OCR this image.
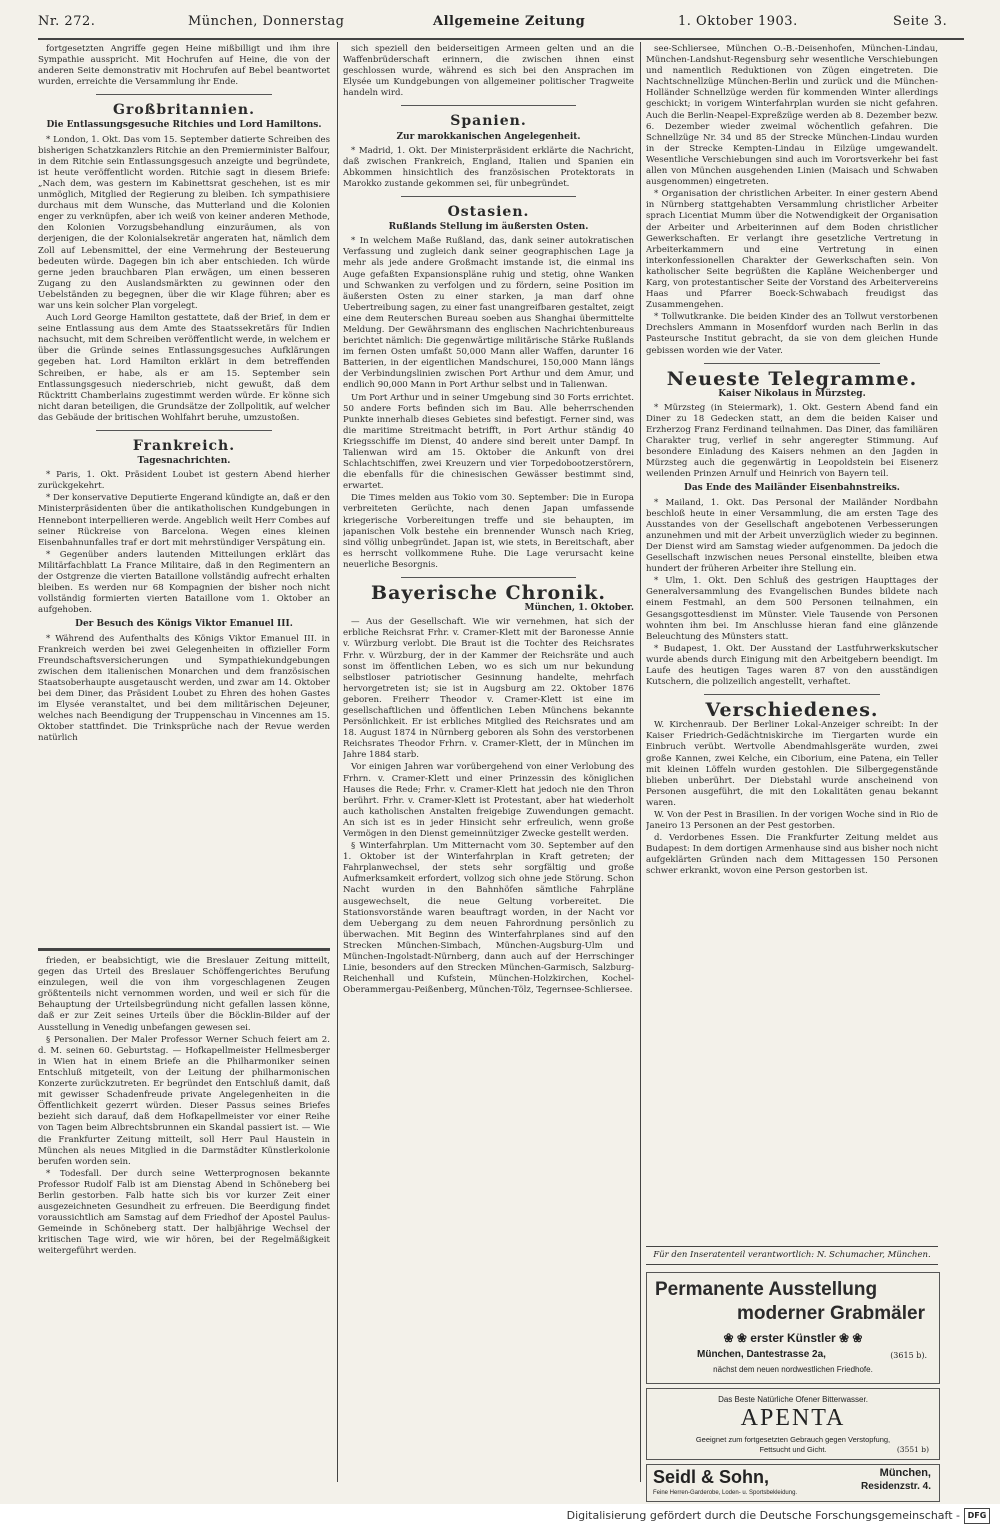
Nr. 272.	München, Donnerstag	Allgemeine Zeitung	1. Oktober 1903.	Seite 3.

fortgesetzten Angriffe gegen Heine mißbilligt und ihm ihre Sympathie ausspricht. Mit Hochrufen auf Heine, die von der anderen Seite demonstrativ mit Hochrufen auf Bebel beantwortet wurden, erreichte die Versammlung ihr Ende.

Großbritannien.
Die Entlassungsgesuche Ritchies und Lord Hamiltons.

* London, 1. Okt. Das vom 15. September datierte Schreiben des bisherigen Schatzkanzlers Ritchie an den Premierminister Balfour, in dem Ritchie sein Entlassungsgesuch anzeigte und begründete, ist heute veröffentlicht worden. Ritchie sagt in diesem Briefe: „Nach dem, was gestern im Kabinettsrat geschehen, ist es mir unmöglich, Mitglied der Regierung zu bleiben. Ich sympathisiere durchaus mit dem Wunsche, das Mutterland und die Kolonien enger zu verknüpfen, aber ich weiß von keiner anderen Methode, den Kolonien Vorzugsbehandlung einzuräumen, als von derjenigen, die der Kolonialsekretär angeraten hat, nämlich dem Zoll auf Lebensmittel, der eine Vermehrung der Besteuerung bedeuten würde. Dagegen bin ich aber entschieden. Ich würde gerne jeden brauchbaren Plan erwägen, um einen besseren Zugang zu den Auslandsmärkten zu gewinnen oder den Uebelständen zu begegnen, über die wir Klage führen; aber es war uns kein solcher Plan vorgelegt.

Auch Lord George Hamilton gestattete, daß der Brief, in dem er seine Entlassung aus dem Amte des Staatssekretärs für Indien nachsucht, mit dem Schreiben veröffentlicht werde, in welchem er über die Gründe seines Entlassungsgesuches Aufklärungen gegeben hat. Lord Hamilton erklärt in dem betreffenden Schreiben, er habe, als er am 15. September sein Entlassungsgesuch niederschrieb, nicht gewußt, daß dem Rücktritt Chamberlains zugestimmt werden würde. Er könne sich nicht daran beteiligen, die Grundsätze der Zollpolitik, auf welcher das Gebäude der britischen Wohlfahrt beruhe, umzustoßen.

Frankreich.
Tagesnachrichten.

* Paris, 1. Okt. Präsident Loubet ist gestern Abend hierher zurückgekehrt.

* Der konservative Deputierte Engerand kündigte an, daß er den Ministerpräsidenten über die antikatholischen Kundgebungen in Hennebont interpellieren werde. Angeblich weilt Herr Combes auf seiner Rückreise von Barcelona. Wegen eines kleinen Eisenbahnunfalles traf er dort mit mehrstündiger Verspätung ein.

* Gegenüber anders lautenden Mitteilungen erklärt das Militärfachblatt La France Militaire, daß in den Regimentern an der Ostgrenze die vierten Bataillone vollständig aufrecht erhalten bleiben. Es werden nur 68 Kompagnien der bisher noch nicht vollständig formierten vierten Bataillone vom 1. Oktober an aufgehoben.

Der Besuch des Königs Viktor Emanuel III.

* Während des Aufenthalts des Königs Viktor Emanuel III. in Frankreich werden bei zwei Gelegenheiten in offizieller Form Freundschaftsversicherungen und Sympathiekundgebungen zwischen dem italienischen Monarchen und dem französischen Staatsoberhaupte ausgetauscht werden, und zwar am 14. Oktober bei dem Diner, das Präsident Loubet zu Ehren des hohen Gastes im Elysée veranstaltet, und bei dem militärischen Dejeuner, welches nach Beendigung der Truppenschau in Vincennes am 15. Oktober stattfindet. Die Trinksprüche nach der Revue werden natürlich

frieden, er beabsichtigt, wie die Breslauer Zeitung mitteilt, gegen das Urteil des Breslauer Schöffengerichtes Berufung einzulegen, weil die von ihm vorgeschlagenen Zeugen größtenteils nicht vernommen worden, und weil er sich für die Behauptung der Urteilsbegründung nicht gefallen lassen könne, daß er zur Zeit seines Urteils über die Böcklin-Bilder auf der Ausstellung in Venedig unbefangen gewesen sei.

§ Personalien. Der Maler Professor Werner Schuch feiert am 2. d. M. seinen 60. Geburtstag. — Hofkapellmeister Hellmesberger in Wien hat in einem Briefe an die Philharmoniker seinen Entschluß mitgeteilt, von der Leitung der philharmonischen Konzerte zurückzutreten. Er begründet den Entschluß damit, daß mit gewisser Schadenfreude private Angelegenheiten in die Öffentlichkeit gezerrt würden. Dieser Passus seines Briefes bezieht sich darauf, daß dem Hofkapellmeister vor einer Reihe von Tagen beim Albrechtsbrunnen ein Skandal passiert ist. — Wie die Frankfurter Zeitung mitteilt, soll Herr Paul Haustein in München als neues Mitglied in die Darmstädter Künstlerkolonie berufen worden sein.

* Todesfall. Der durch seine Wetterprognosen bekannte Professor Rudolf Falb ist am Dienstag Abend in Schöneberg bei Berlin gestorben. Falb hatte sich bis vor kurzer Zeit einer ausgezeichneten Gesundheit zu erfreuen. Die Beerdigung findet voraussichtlich am Samstag auf dem Friedhof der Apostel Paulus-Gemeinde in Schöneberg statt. Der halbjährige Wechsel der kritischen Tage wird, wie wir hören, bei der Regelmäßigkeit weitergeführt werden.

sich speziell den beiderseitigen Armeen gelten und an die Waffenbrüderschaft erinnern, die zwischen ihnen einst geschlossen wurde, während es sich bei den Ansprachen im Elysée um Kundgebungen von allgemeiner politischer Tragweite handeln wird.

Spanien.
Zur marokkanischen Angelegenheit.

* Madrid, 1. Okt. Der Ministerpräsident erklärte die Nachricht, daß zwischen Frankreich, England, Italien und Spanien ein Abkommen hinsichtlich des französischen Protektorats in Marokko zustande gekommen sei, für unbegründet.

Ostasien.
Rußlands Stellung im äußersten Osten.

* In welchem Maße Rußland, das, dank seiner autokratischen Verfassung und zugleich dank seiner geographischen Lage ja mehr als jede andere Großmacht imstande ist, die einmal ins Auge gefaßten Expansionspläne ruhig und stetig, ohne Wanken und Schwanken zu verfolgen und zu fördern, seine Position im äußersten Osten zu einer starken, ja man darf ohne Uebertreibung sagen, zu einer fast unangreifbaren gestaltet, zeigt eine dem Reuterschen Bureau soeben aus Shanghai übermittelte Meldung. Der Gewährsmann des englischen Nachrichtenbureaus berichtet nämlich: Die gegenwärtige militärische Stärke Rußlands im fernen Osten umfaßt 50,000 Mann aller Waffen, darunter 16 Batterien, in der eigentlichen Mandschurei, 150,000 Mann längs der Verbindungslinien zwischen Port Arthur und dem Amur, und endlich 90,000 Mann in Port Arthur selbst und in Talienwan.

Um Port Arthur und in seiner Umgebung sind 30 Forts errichtet. 50 andere Forts befinden sich im Bau. Alle beherrschenden Punkte innerhalb dieses Gebietes sind befestigt. Ferner sind, was die maritime Streitmacht betrifft, in Port Arthur ständig 40 Kriegsschiffe im Dienst, 40 andere sind bereit unter Dampf. In Talienwan wird am 15. Oktober die Ankunft von drei Schlachtschiffen, zwei Kreuzern und vier Torpedobootzerstörern, die ebenfalls für die chinesischen Gewässer bestimmt sind, erwartet.

Die Times melden aus Tokio vom 30. September: Die in Europa verbreiteten Gerüchte, nach denen Japan umfassende kriegerische Vorbereitungen treffe und sie behaupten, im japanischen Volk bestehe ein brennender Wunsch nach Krieg, sind völlig unbegründet. Japan ist, wie stets, in Bereitschaft, aber es herrscht vollkommene Ruhe. Die Lage verursacht keine neuerliche Besorgnis.

Bayerische Chronik.
München, 1. Oktober.

— Aus der Gesellschaft. Wie wir vernehmen, hat sich der erbliche Reichsrat Frhr. v. Cramer-Klett mit der Baronesse Annie v. Würzburg verlobt. Die Braut ist die Tochter des Reichsrates Frhr. v. Würzburg, der in der Kammer der Reichsräte und auch sonst im öffentlichen Leben, wo es sich um nur bekundung selbstloser patriotischer Gesinnung handelte, mehrfach hervorgetreten ist; sie ist in Augsburg am 22. Oktober 1876 geboren. Freiherr Theodor v. Cramer-Klett ist eine im gesellschaftlichen und öffentlichen Leben Münchens bekannte Persönlichkeit. Er ist erbliches Mitglied des Reichsrates und am 18. August 1874 in Nürnberg geboren als Sohn des verstorbenen Reichsrates Theodor Frhrn. v. Cramer-Klett, der in München im Jahre 1884 starb.

Vor einigen Jahren war vorübergehend von einer Verlobung des Frhrn. v. Cramer-Klett und einer Prinzessin des königlichen Hauses die Rede; Frhr. v. Cramer-Klett hat jedoch nie den Thron berührt. Frhr. v. Cramer-Klett ist Protestant, aber hat wiederholt auch katholischen Anstalten freigebige Zuwendungen gemacht. An sich ist es in jeder Hinsicht sehr erfreulich, wenn große Vermögen in den Dienst gemeinnütziger Zwecke gestellt werden.

§ Winterfahrplan. Um Mitternacht vom 30. September auf den 1. Oktober ist der Winterfahrplan in Kraft getreten; der Fahrplanwechsel, der stets sehr sorgfältig und große Aufmerksamkeit erfordert, vollzog sich ohne jede Störung. Schon Nacht wurden in den Bahnhöfen sämtliche Fahrpläne ausgewechselt, die neue Geltung vorbereitet. Die Stationsvorstände waren beauftragt worden, in der Nacht vor dem Uebergang zu dem neuen Fahrordnung persönlich zu überwachen. Mit Beginn des Winterfahrplanes sind auf den Strecken München-Simbach, München-Augsburg-Ulm und München-Ingolstadt-Nürnberg, dann auch auf der Herrschinger Linie, besonders auf den Strecken München-Garmisch, Salzburg-Reichenhall und Kufstein, München-Holzkirchen, Kochel-Oberammergau-Peißenberg, München-Tölz, Tegernsee-Schliersee.

see-Schliersee, München O.-B.-Deisenhofen, München-Lindau, München-Landshut-Regensburg sehr wesentliche Verschiebungen und namentlich Reduktionen von Zügen eingetreten. Die Nachtschnellzüge München-Berlin und zurück und die München-Holländer Schnellzüge werden für kommenden Winter allerdings geschickt; in vorigem Winterfahrplan wurden sie nicht gefahren. Auch die Berlin-Neapel-Expreßzüge werden ab 8. Dezember bezw. 6. Dezember wieder zweimal wöchentlich gefahren. Die Schnellzüge Nr. 34 und 85 der Strecke München-Lindau wurden in der Strecke Kempten-Lindau in Eilzüge umgewandelt. Wesentliche Verschiebungen sind auch im Vorortsverkehr bei fast allen von München ausgehenden Linien (Maisach und Schwaben ausgenommen) eingetreten.

* Organisation der christlichen Arbeiter. In einer gestern Abend in Nürnberg stattgehabten Versammlung christlicher Arbeiter sprach Licentiat Mumm über die Notwendigkeit der Organisation der Arbeiter und Arbeiterinnen auf dem Boden christlicher Gewerkschaften. Er verlangt ihre gesetzliche Vertretung in Arbeiterkammern und eine Vertretung in einen interkonfessionellen Charakter der Gewerkschaften sein. Von katholischer Seite begrüßten die Kapläne Weichenberger und Karg, von protestantischer Seite der Vorstand des Arbeitervereins Haas und Pfarrer Boeck-Schwabach freudigst das Zusammengehen.

* Tollwutkranke. Die beiden Kinder des an Tollwut verstorbenen Drechslers Ammann in Mosenfdorf wurden nach Berlin in das Pasteursche Institut gebracht, da sie von dem gleichen Hunde gebissen worden wie der Vater.

Neueste Telegramme.
Kaiser Nikolaus in Mürzsteg.

* Mürzsteg (in Steiermark), 1. Okt. Gestern Abend fand ein Diner zu 18 Gedecken statt, an dem die beiden Kaiser und Erzherzog Franz Ferdinand teilnahmen. Das Diner, das familiären Charakter trug, verlief in sehr angeregter Stimmung. Auf besondere Einladung des Kaisers nehmen an den Jagden in Mürzsteg auch die gegenwärtig in Leopoldstein bei Eisenerz weilenden Prinzen Arnulf und Heinrich von Bayern teil.

Das Ende des Mailänder Eisenbahnstreiks.

* Mailand, 1. Okt. Das Personal der Mailänder Nordbahn beschloß heute in einer Versammlung, die am ersten Tage des Ausstandes von der Gesellschaft angebotenen Verbesserungen anzunehmen und mit der Arbeit unverzüglich wieder zu beginnen. Der Dienst wird am Samstag wieder aufgenommen. Da jedoch die Gesellschaft inzwischen neues Personal einstellte, bleiben etwa hundert der früheren Arbeiter ihre Stellung ein.

* Ulm, 1. Okt. Den Schluß des gestrigen Haupttages der Generalversammlung des Evangelischen Bundes bildete nach einem Festmahl, an dem 500 Personen teilnahmen, ein Gesangsgottesdienst im Münster. Viele Tausende von Personen wohnten ihm bei. Im Anschlusse hieran fand eine glänzende Beleuchtung des Münsters statt.

* Budapest, 1. Okt. Der Ausstand der Lastfuhrwerkskutscher wurde abends durch Einigung mit den Arbeitgebern beendigt. Im Laufe des heutigen Tages waren 87 von den ausständigen Kutschern, die polizeilich angestellt, verhaftet.

Verschiedenes.

W. Kirchenraub. Der Berliner Lokal-Anzeiger schreibt: In der Kaiser Friedrich-Gedächtniskirche im Tiergarten wurde ein Einbruch verübt. Wertvolle Abendmahlsgeräte wurden, zwei große Kannen, zwei Kelche, ein Ciborium, eine Patena, ein Teller mit kleinen Löffeln wurden gestohlen. Die Silbergegenstände blieben unberührt. Der Diebstahl wurde anscheinend von Personen ausgeführt, die mit den Lokalitäten genau bekannt waren.

W. Von der Pest in Brasilien. In der vorigen Woche sind in Rio de Janeiro 13 Personen an der Pest gestorben.

d. Verdorbenes Essen. Die Frankfurter Zeitung meldet aus Budapest: In dem dortigen Armenhause sind aus bisher noch nicht aufgeklärten Gründen nach dem Mittagessen 150 Personen schwer erkrankt, wovon eine Person gestorben ist.

Für den Inseratenteil verantwortlich: N. Schumacher, München.
Permanente Ausstellung
moderner Grabmäler
❀ ❀ erster Künstler ❀ ❀
München, Dantestrasse 2a,	(3615 b).
nächst dem neuen nordwestlichen Friedhofe.
Das Beste Natürliche Ofener Bitterwasser.
APENTA
Geeignet zum fortgesetzten Gebrauch gegen Verstopfung,
Fettsucht und Gicht.	(3551 b)
Seidl & Sohn,	München,
Residenzstr. 4.
Feine Herren-Garderobe, Loden- u. Sportsbekleidung.
Digitalisierung gefördert durch die Deutsche Forschungsgemeinschaft - DFG
